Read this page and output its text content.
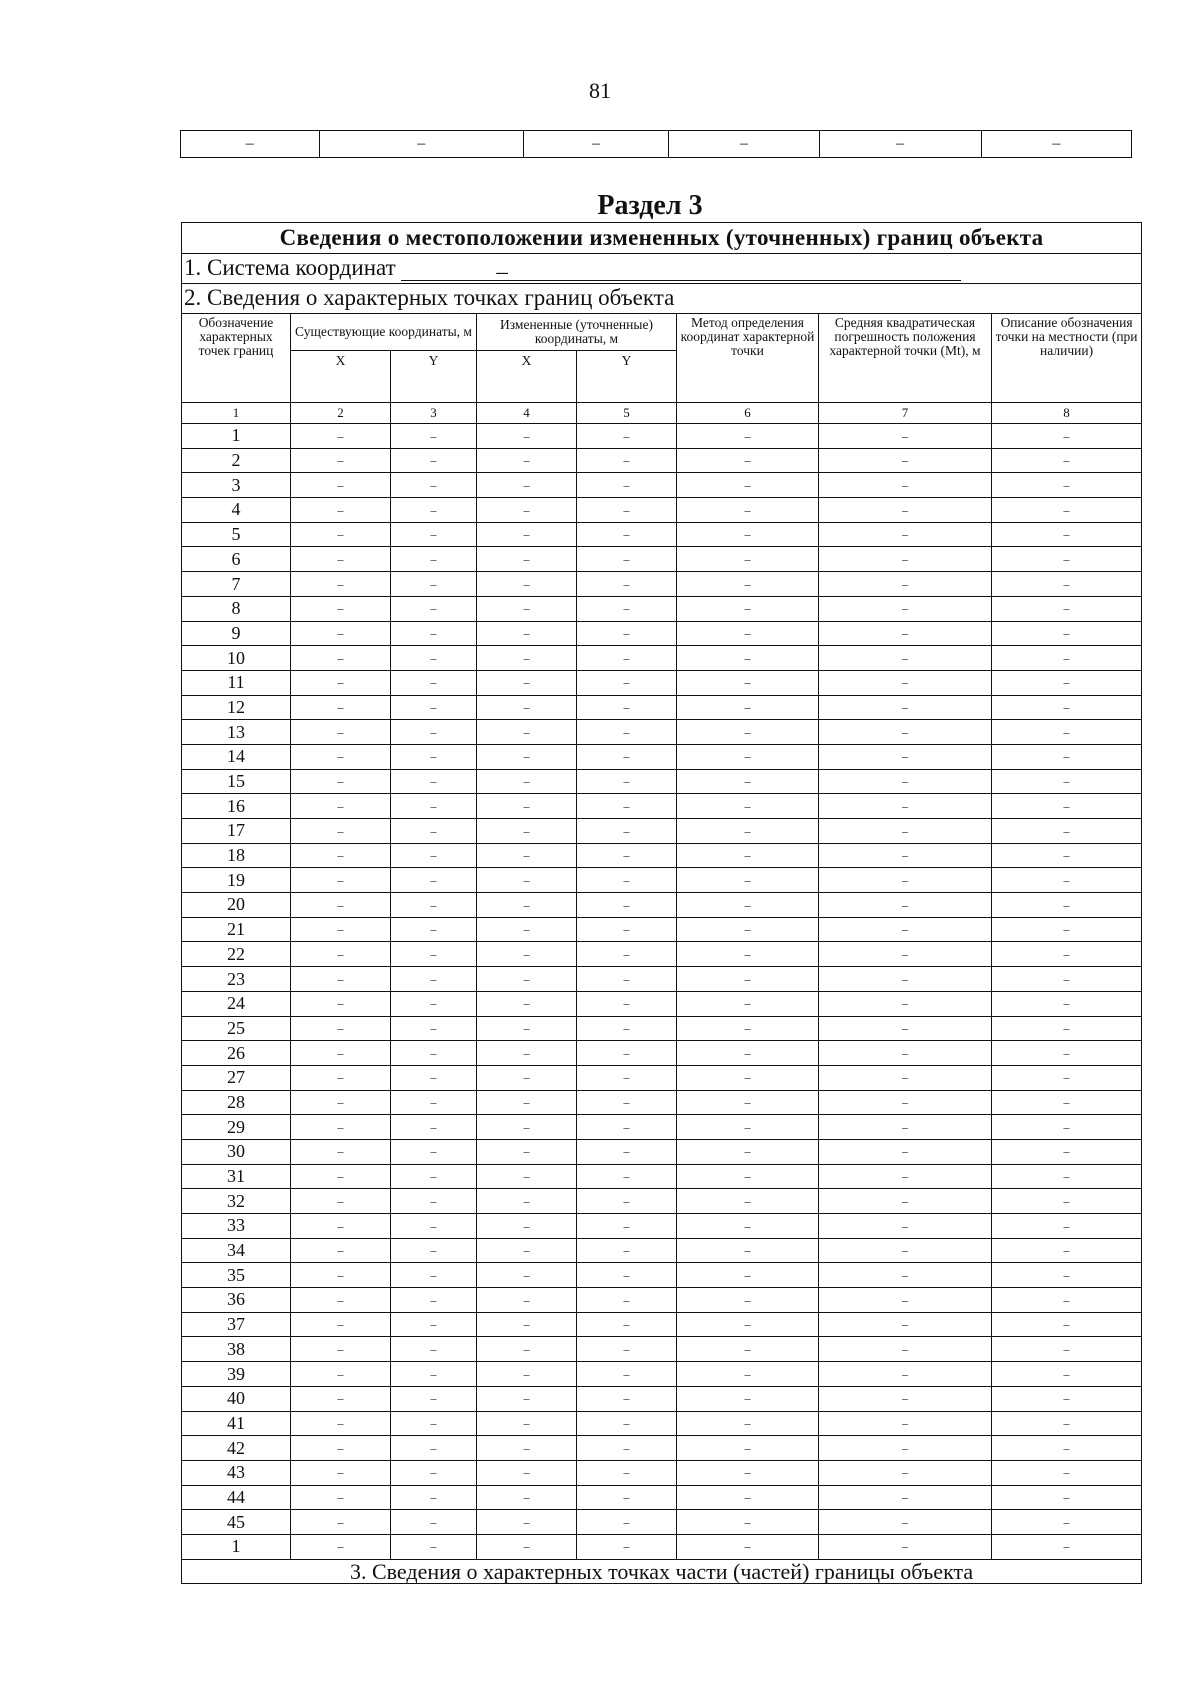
81
–	–	–	–	–	–
Раздел 3
Сведения о местоположении измененных (уточненных) границ объекта							
1. Система координат –							
2. Сведения о характерных точках границ объекта							
Обозначение характерных точек границ	Существующие координаты, м		Измененные (уточненные) координаты, м		Метод определения координат характерной точки	Средняя квадратическая погрешность положения характерной точки (Mt), м	Описание обозначения точки на местности (при наличии)
	X	Y	X	Y			
1	2	3	4	5	6	7	8
1	–	–	–	–	–	–	–
2	–	–	–	–	–	–	–
3	–	–	–	–	–	–	–
4	–	–	–	–	–	–	–
5	–	–	–	–	–	–	–
6	–	–	–	–	–	–	–
7	–	–	–	–	–	–	–
8	–	–	–	–	–	–	–
9	–	–	–	–	–	–	–
10	–	–	–	–	–	–	–
11	–	–	–	–	–	–	–
12	–	–	–	–	–	–	–
13	–	–	–	–	–	–	–
14	–	–	–	–	–	–	–
15	–	–	–	–	–	–	–
16	–	–	–	–	–	–	–
17	–	–	–	–	–	–	–
18	–	–	–	–	–	–	–
19	–	–	–	–	–	–	–
20	–	–	–	–	–	–	–
21	–	–	–	–	–	–	–
22	–	–	–	–	–	–	–
23	–	–	–	–	–	–	–
24	–	–	–	–	–	–	–
25	–	–	–	–	–	–	–
26	–	–	–	–	–	–	–
27	–	–	–	–	–	–	–
28	–	–	–	–	–	–	–
29	–	–	–	–	–	–	–
30	–	–	–	–	–	–	–
31	–	–	–	–	–	–	–
32	–	–	–	–	–	–	–
33	–	–	–	–	–	–	–
34	–	–	–	–	–	–	–
35	–	–	–	–	–	–	–
36	–	–	–	–	–	–	–
37	–	–	–	–	–	–	–
38	–	–	–	–	–	–	–
39	–	–	–	–	–	–	–
40	–	–	–	–	–	–	–
41	–	–	–	–	–	–	–
42	–	–	–	–	–	–	–
43	–	–	–	–	–	–	–
44	–	–	–	–	–	–	–
45	–	–	–	–	–	–	–
1	–	–	–	–	–	–	–
3. Сведения о характерных точках части (частей) границы объекта							
